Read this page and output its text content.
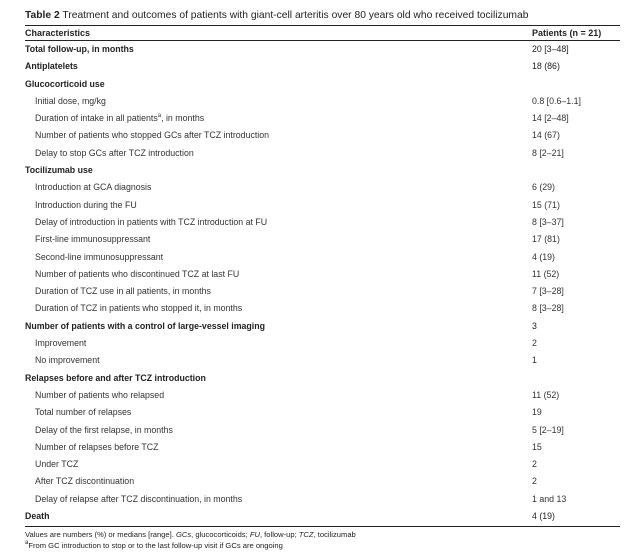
Table 2 Treatment and outcomes of patients with giant-cell arteritis over 80 years old who received tocilizumab
Characteristics	Patients (n = 21)
Total follow-up, in months	20 [3–48]
Antiplatelets	18 (86)
Glucocorticoid use
Initial dose, mg/kg	0.8 [0.6–1.1]
Duration of intake in all patients$^a$, in months	14 [2–48]
Number of patients who stopped GCs after TCZ introduction	14 (67)
Delay to stop GCs after TCZ introduction	8 [2–21]
Tocilizumab use
Introduction at GCA diagnosis	6 (29)
Introduction during the FU	15 (71)
Delay of introduction in patients with TCZ introduction at FU	8 [3–37]
First-line immunosuppressant	17 (81)
Second-line immunosuppressant	4 (19)
Number of patients who discontinued TCZ at last FU	11 (52)
Duration of TCZ use in all patients, in months	7 [3–28]
Duration of TCZ in patients who stopped it, in months	8 [3–28]
Number of patients with a control of large-vessel imaging	3
Improvement	2
No improvement	1
Relapses before and after TCZ introduction
Number of patients who relapsed	11 (52)
Total number of relapses	19
Delay of the first relapse, in months	5 [2–19]
Number of relapses before TCZ	15
Under TCZ	2
After TCZ discontinuation	2
Delay of relapse after TCZ discontinuation, in months	1 and 13
Death	4 (19)
Values are numbers (%) or medians [range]. GCs, glucocorticoids; FU, follow-up; TCZ, tocilizumab
$^a$From GC introduction to stop or to the last follow-up visit if GCs are ongoing
